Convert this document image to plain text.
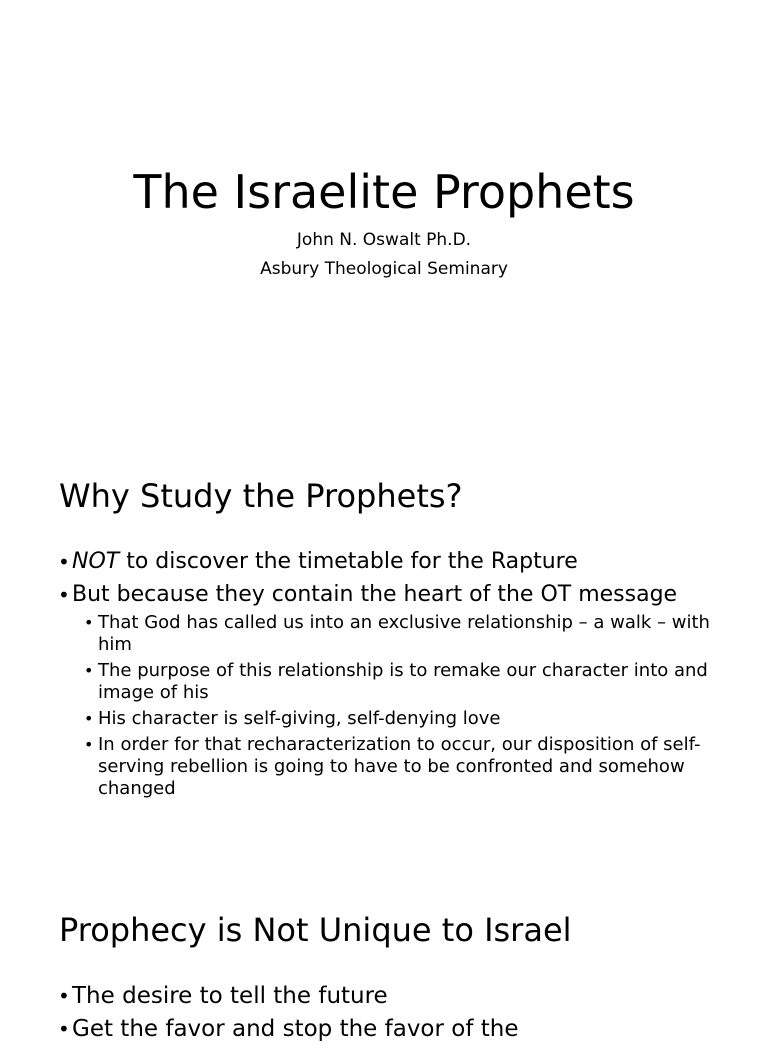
The Israelite Prophets

John N. Oswalt Ph.D.

Asbury Theological Seminary

Why Study the Prophets?
• NOT to discover the timetable for the Rapture
• But because they contain the heart of the OT message
• That God has called us into an exclusive relationship – a walk – with him
• The purpose of this relationship is to remake our character into and image of his
• His character is self-giving, self-denying love
• In order for that recharacterization to occur, our disposition of self-serving rebellion is going to have to be confronted and somehow changed
Prophecy is Not Unique to Israel
• The desire to tell the future
• Get the favor and stop the favor of the
